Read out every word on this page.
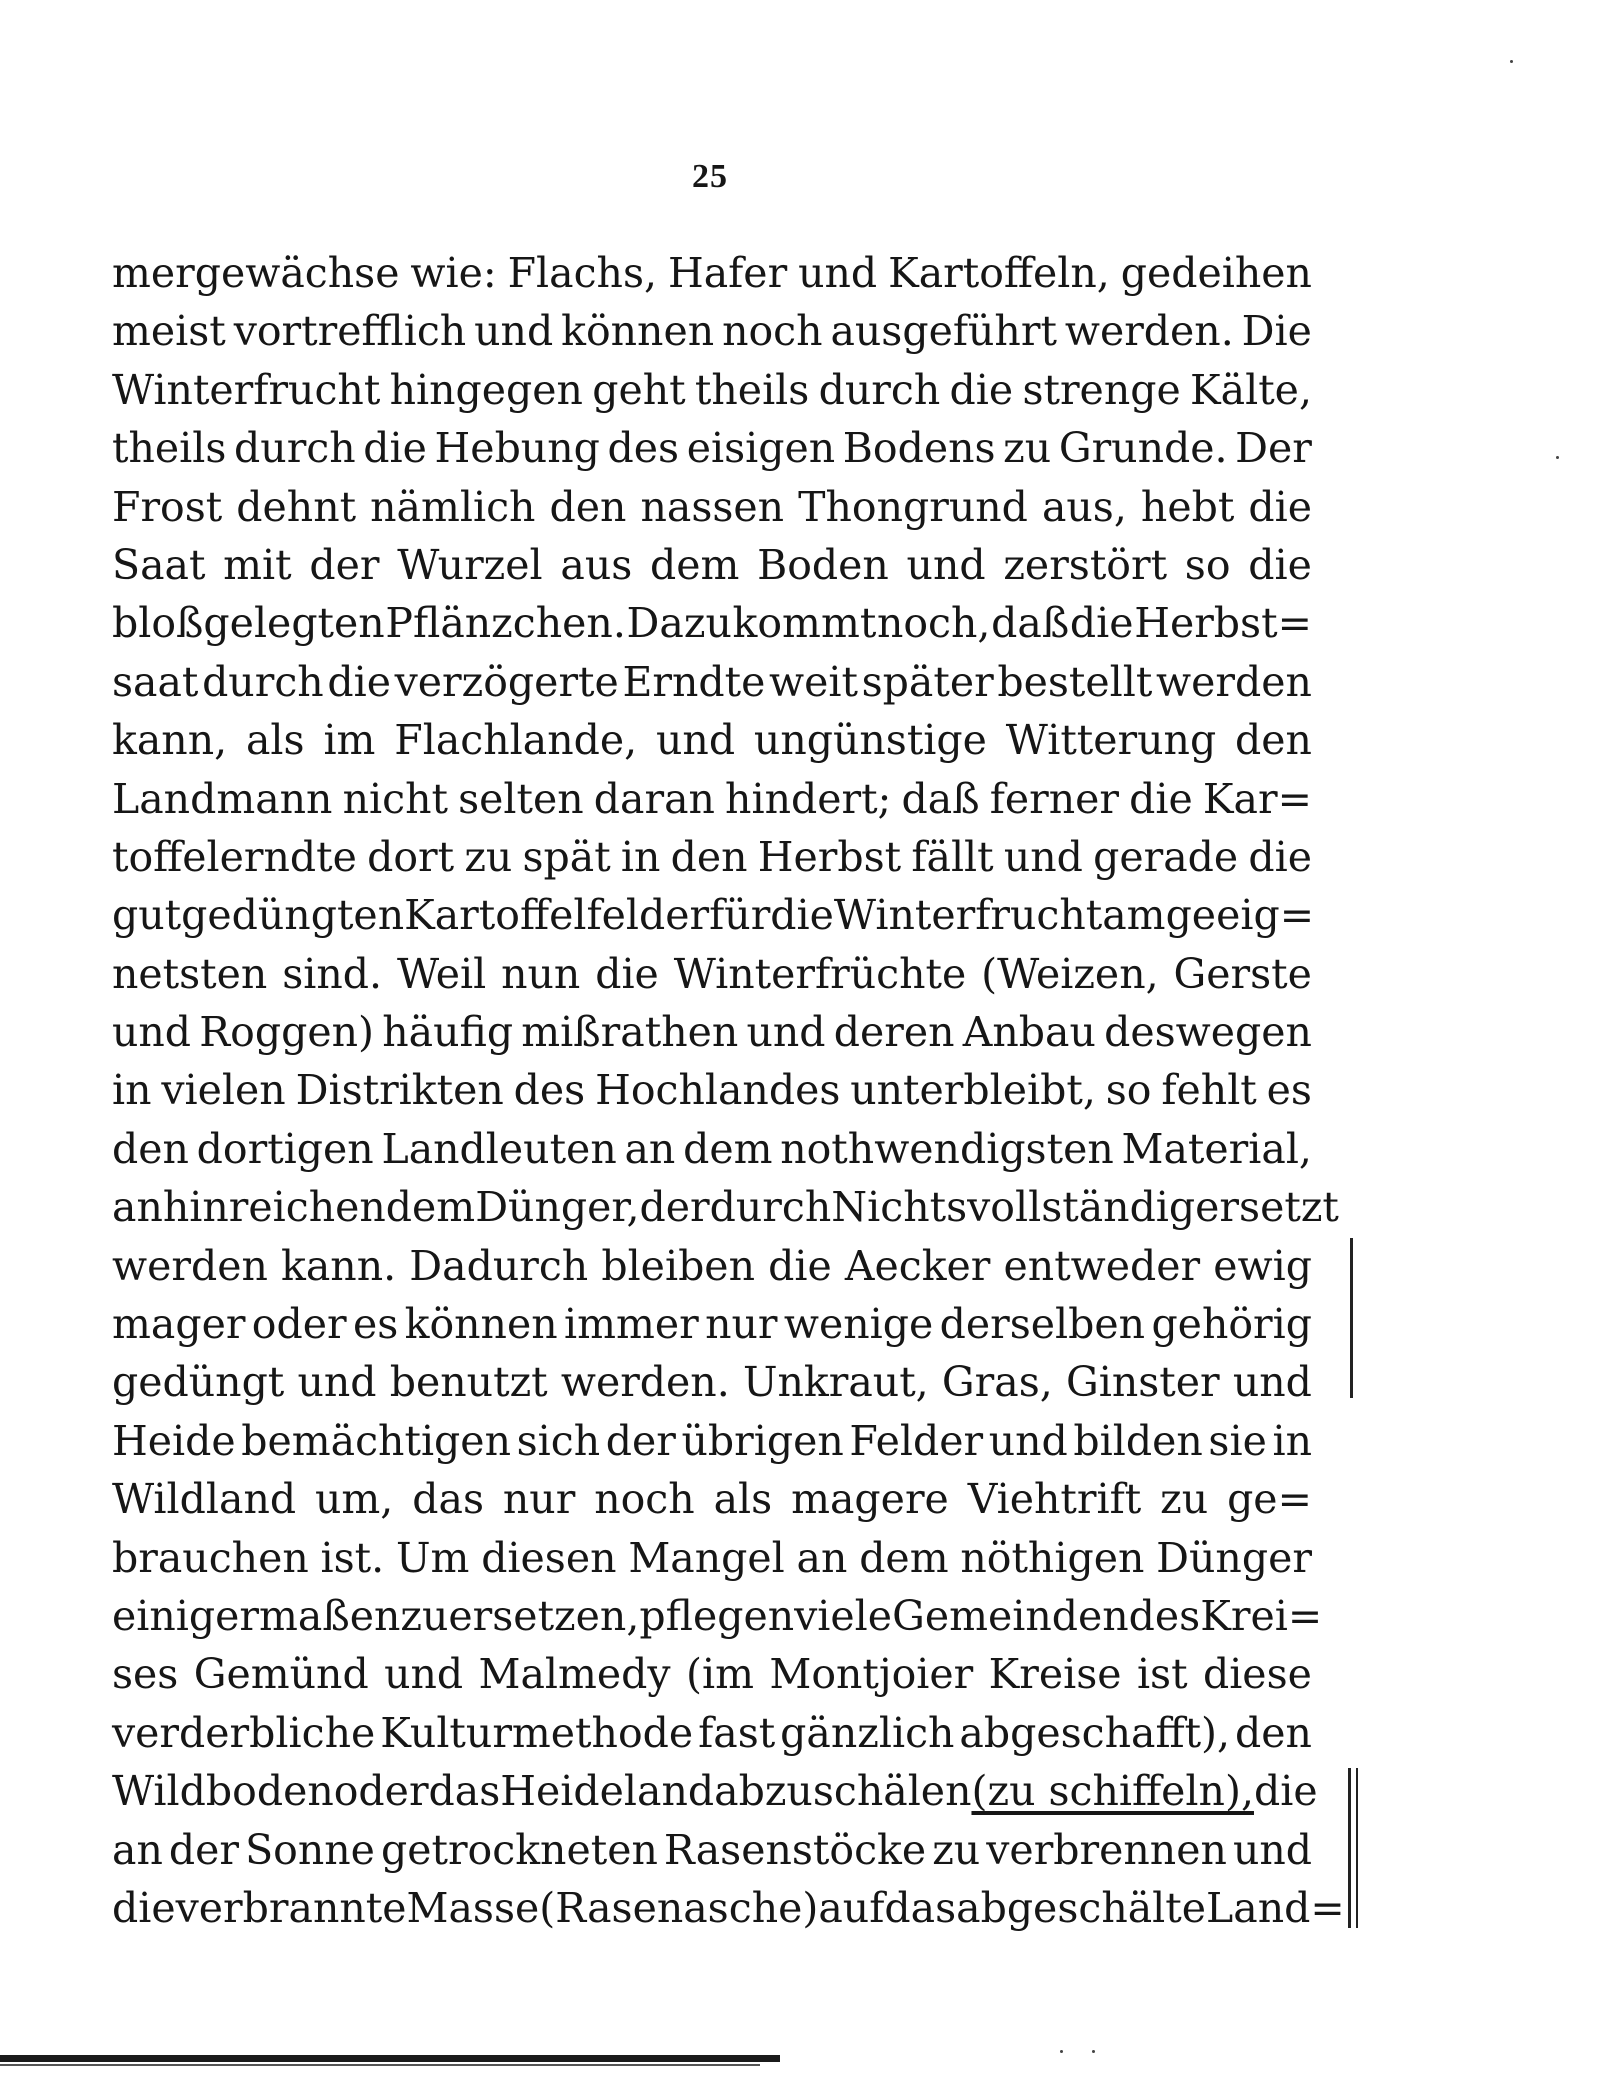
25
mergewächse wie: Flachs, Hafer und Kartoffeln, gedeihen
meist vortrefflich und können noch ausgeführt werden. Die
Winterfrucht hingegen geht theils durch die strenge Kälte,
theils durch die Hebung des eisigen Bodens zu Grunde. Der
Frost dehnt nämlich den nassen Thongrund aus, hebt die
Saat mit der Wurzel aus dem Boden und zerstört so die
bloßgelegten Pflänzchen. Dazu kommt noch, daß die Herbst=
saat durch die verzögerte Erndte weit später bestellt werden
kann, als im Flachlande, und ungünstige Witterung den
Landmann nicht selten daran hindert; daß ferner die Kar=
toffelerndte dort zu spät in den Herbst fällt und gerade die
gut gedüngten Kartoffelfelder für die Winterfrucht am geeig=
netsten sind. Weil nun die Winterfrüchte (Weizen, Gerste
und Roggen) häufig mißrathen und deren Anbau deswegen
in vielen Distrikten des Hochlandes unterbleibt, so fehlt es
den dortigen Landleuten an dem nothwendigsten Material,
an hinreichendem Dünger, der durch Nichts vollständig ersetzt
werden kann. Dadurch bleiben die Aecker entweder ewig
mager oder es können immer nur wenige derselben gehörig
gedüngt und benutzt werden. Unkraut, Gras, Ginster und
Heide bemächtigen sich der übrigen Felder und bilden sie in
Wildland um, das nur noch als magere Viehtrift zu ge=
brauchen ist. Um diesen Mangel an dem nöthigen Dünger
einigermaßen zu ersetzen, pflegen viele Gemeinden des Krei=
ses Gemünd und Malmedy (im Montjoier Kreise ist diese
verderbliche Kulturmethode fast gänzlich abgeschafft), den
Wildboden oder das Heideland abzuschälen (zu schiffeln), die
an der Sonne getrockneten Rasenstöcke zu verbrennen und
die verbrannte Masse (Rasenasche) auf das abgeschälte Land=
